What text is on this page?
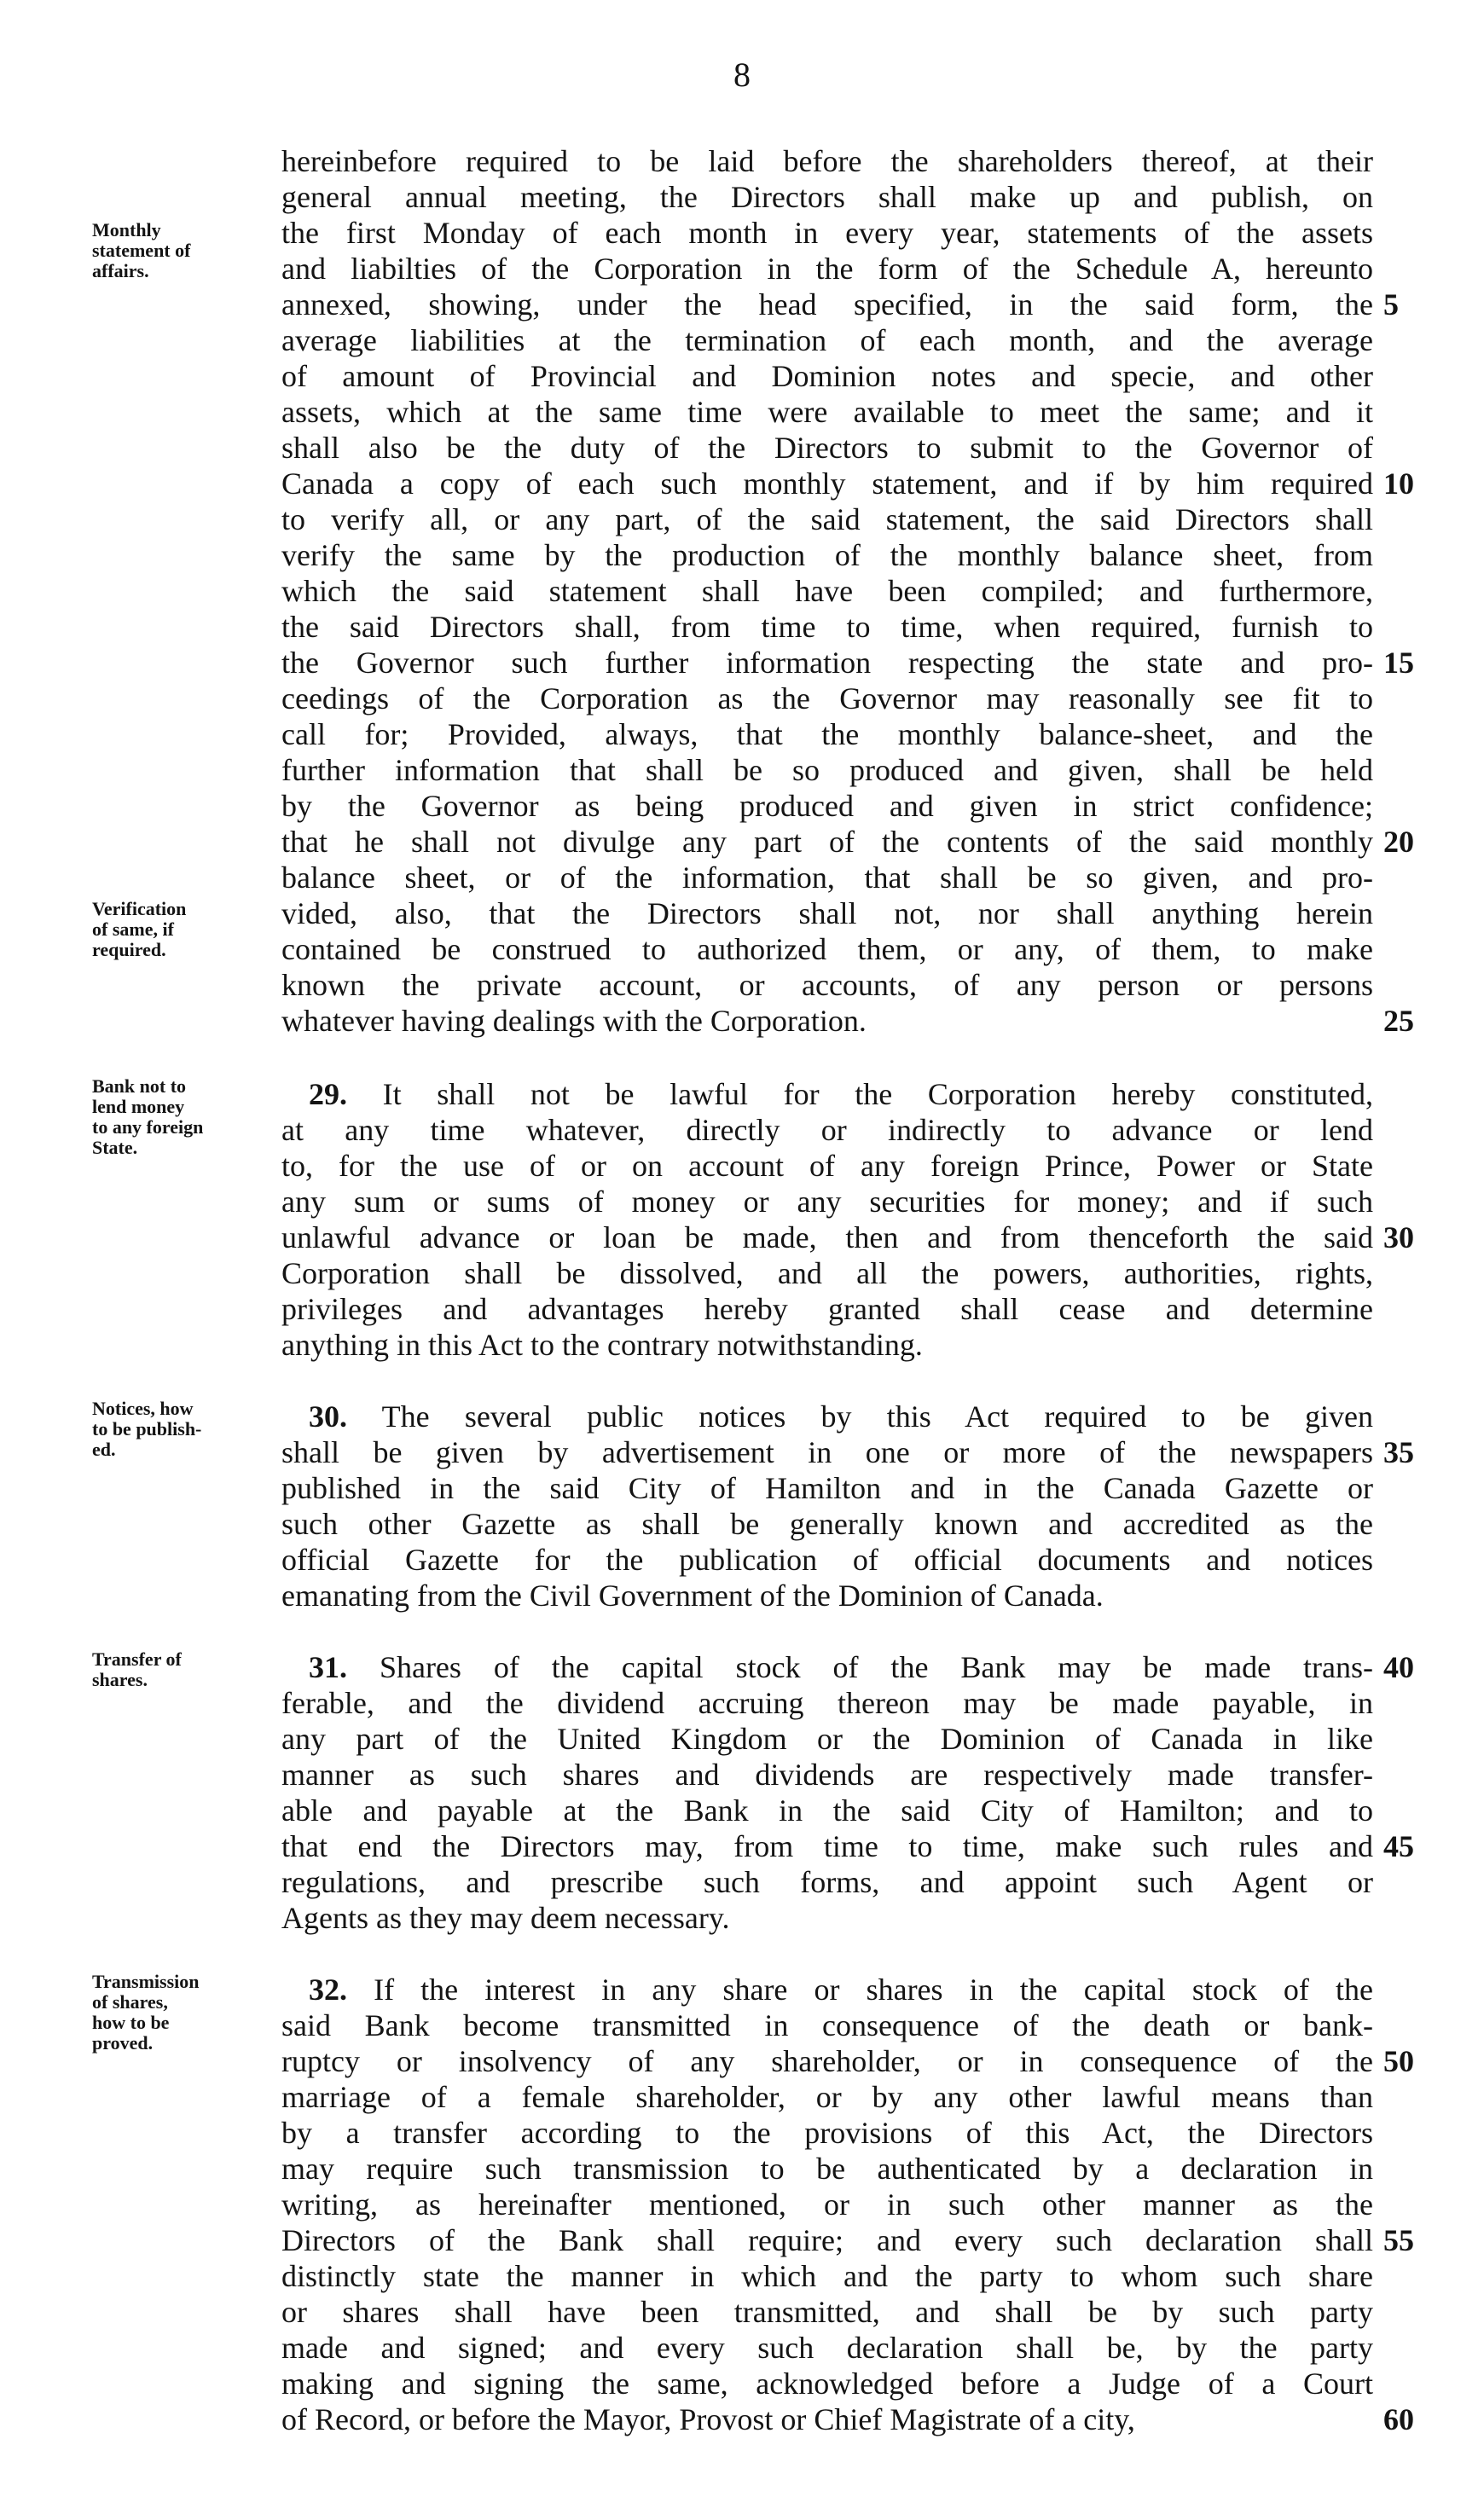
8
hereinbefore required to be laid before the shareholders thereof, at their
general annual meeting, the Directors shall make up and publish, on
the first Monday of each month in every year, statements of the assets
and liabilties of the Corporation in the form of the Schedule A, hereunto
annexed, showing, under the head specified, in the said form, the
average liabilities at the termination of each month, and the average
of amount of Provincial and Dominion notes and specie, and other
assets, which at the same time were available to meet the same; and it
shall also be the duty of the Directors to submit to the Governor of
Canada a copy of each such monthly statement, and if by him required
to verify all, or any part, of the said statement, the said Directors shall
verify the same by the production of the monthly balance sheet, from
which the said statement shall have been compiled; and furthermore,
the said Directors shall, from time to time, when required, furnish to
the Governor such further information respecting the state and pro-
ceedings of the Corporation as the Governor may reasonally see fit to
call for; Provided, always, that the monthly balance-sheet, and the
further information that shall be so produced and given, shall be held
by the Governor as being produced and given in strict confidence;
that he shall not divulge any part of the contents of the said monthly
balance sheet, or of the information, that shall be so given, and pro-
vided, also, that the Directors shall not, nor shall anything herein
contained be construed to authorized them, or any, of them, to make
known the private account, or accounts, of any person or persons
whatever having dealings with the Corporation.
29. It shall not be lawful for the Corporation hereby constituted,
at any time whatever, directly or indirectly to advance or lend
to, for the use of or on account of any foreign Prince, Power or State
any sum or sums of money or any securities for money; and if such
unlawful advance or loan be made, then and from thenceforth the said
Corporation shall be dissolved, and all the powers, authorities, rights,
privileges and advantages hereby granted shall cease and determine
anything in this Act to the contrary notwithstanding.
30. The several public notices by this Act required to be given
shall be given by advertisement in one or more of the newspapers
published in the said City of Hamilton and in the Canada Gazette or
such other Gazette as shall be generally known and accredited as the
official Gazette for the publication of official documents and notices
emanating from the Civil Government of the Dominion of Canada.
31. Shares of the capital stock of the Bank may be made trans-
ferable, and the dividend accruing thereon may be made payable, in
any part of the United Kingdom or the Dominion of Canada in like
manner as such shares and dividends are respectively made transfer-
able and payable at the Bank in the said City of Hamilton; and to
that end the Directors may, from time to time, make such rules and
regulations, and prescribe such forms, and appoint such Agent or
Agents as they may deem necessary.
32. If the interest in any share or shares in the capital stock of the
said Bank become transmitted in consequence of the death or bank-
ruptcy or insolvency of any shareholder, or in consequence of the
marriage of a female shareholder, or by any other lawful means than
by a transfer according to the provisions of this Act, the Directors
may require such transmission to be authenticated by a declaration in
writing, as hereinafter mentioned, or in such other manner as the
Directors of the Bank shall require; and every such declaration shall
distinctly state the manner in which and the party to whom such share
or shares shall have been transmitted, and shall be by such party
made and signed; and every such declaration shall be, by the party
making and signing the same, acknowledged before a Judge of a Court
of Record, or before the Mayor, Provost or Chief Magistrate of a city,
5
10
15
20
25
30
35
40
45
50
55
60
Monthly
statement of
affairs.
Verification
of same, if
required.
Bank not to
lend money
to any foreign
State.
Notices, how
to be publish-
ed.
Transfer of
shares.
Transmission
of shares,
how to be
proved.
